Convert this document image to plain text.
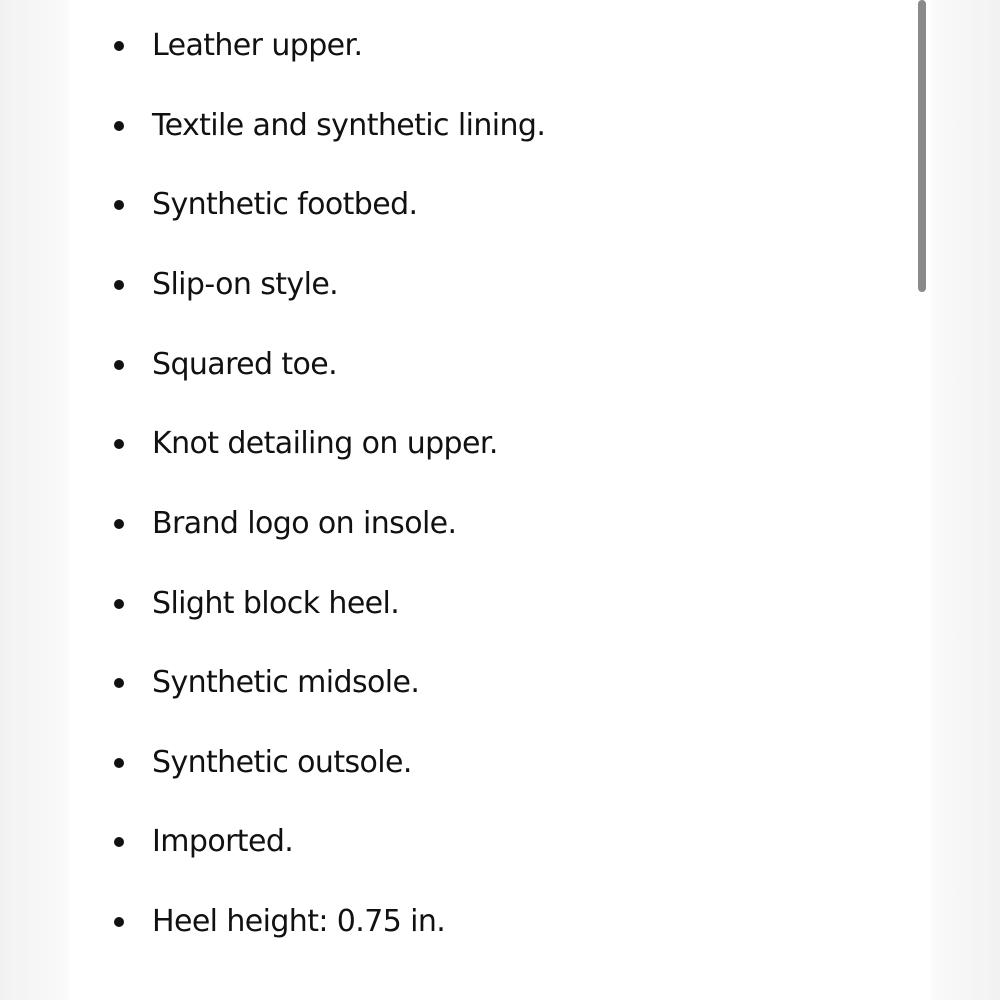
Leather upper.
Textile and synthetic lining.
Synthetic footbed.
Slip-on style.
Squared toe.
Knot detailing on upper.
Brand logo on insole.
Slight block heel.
Synthetic midsole.
Synthetic outsole.
Imported.
Heel height: 0.75 in.
